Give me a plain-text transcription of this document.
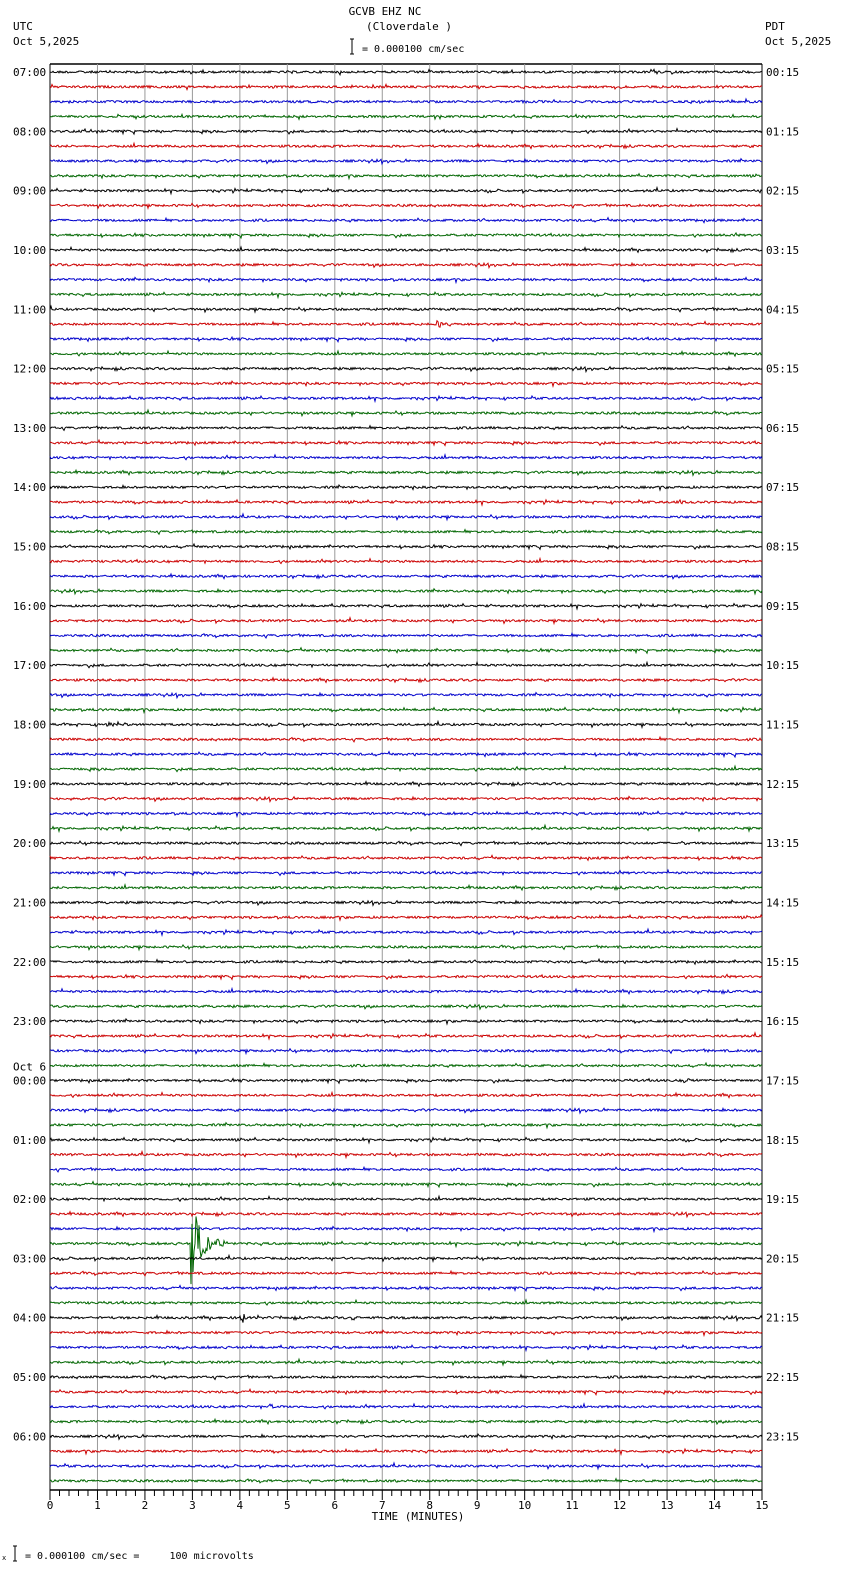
GCVB EHZ NC
(Cloverdale )
UTC
Oct 5,2025
PDT
Oct 5,2025
= 0.000100 cm/sec
07:00
08:00
09:00
10:00
11:00
12:00
13:00
14:00
15:00
16:00
17:00
18:00
19:00
20:00
21:00
22:00
23:00
00:00
Oct 6
01:00
02:00
03:00
04:00
05:00
06:00
00:15
01:15
02:15
03:15
04:15
05:15
06:15
07:15
08:15
09:15
10:15
11:15
12:15
13:15
14:15
15:15
16:15
17:15
18:15
19:15
20:15
21:15
22:15
23:15
0	1	2	3	4	5	6	7	8	9	10	11	12	13	14	15
TIME (MINUTES)
x = 0.000100 cm/sec =     100 microvolts
